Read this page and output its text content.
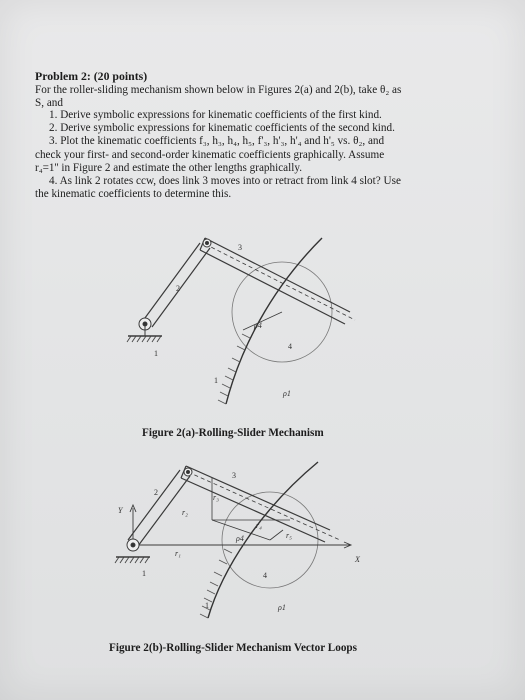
Problem 2: (20 points)
For the roller-sliding mechanism shown below in Figures 2(a) and 2(b), take θ₂ as
S, and
1. Derive symbolic expressions for kinematic coefficients of the first kind.
2. Derive symbolic expressions for kinematic coefficients of the second kind.
3. Plot the kinematic coefficients f₃, h₃, h₄, h₅, f'₃, h'₃, h'₄ and h'₅ vs. θ₂, and
check your first- and second-order kinematic coefficients graphically. Assume
r₄=1'' in Figure 2 and estimate the other lengths graphically.
4. As link 2 rotates ccw, does link 3 moves into or retract from link 4 slot? Use
the kinematic coefficients to determine this.
3
2
4
1
1
ρ4
ρ1
3
2
4
1
1
r₁
r₂
r₃
r₄
r₅
ρ4
ρ1
X
Y
Figure 2(a)-Rolling-Slider Mechanism
Figure 2(b)-Rolling-Slider Mechanism Vector Loops
